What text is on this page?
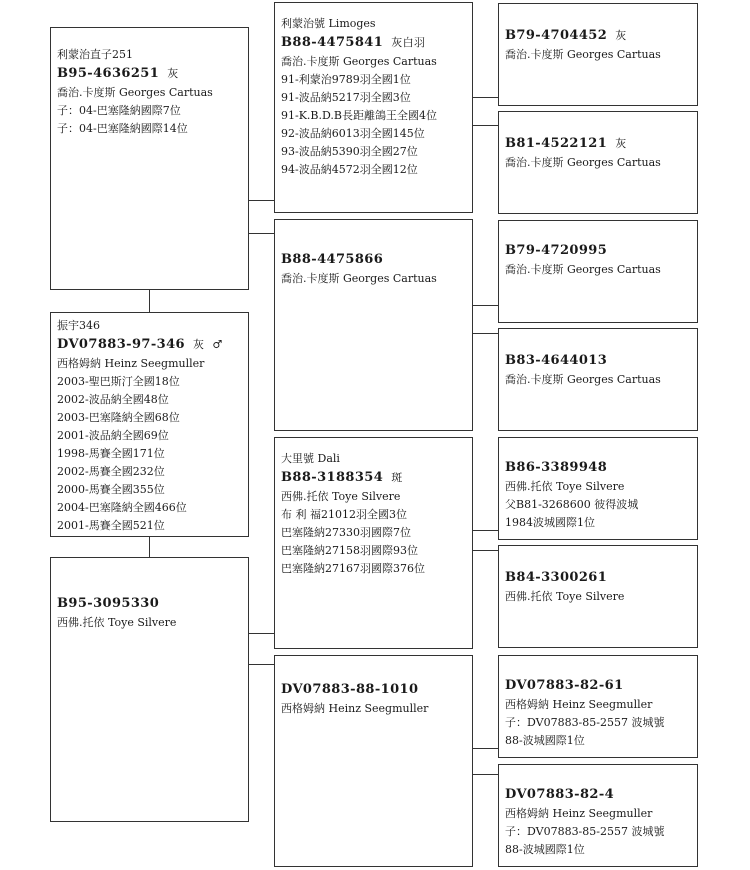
利蒙治直子251
B95-4636251 灰
喬治.卡度斯 Georges Cartuas
子：04-巴塞隆納國際7位
子：04-巴塞隆納國際14位
振宇346
DV07883-97-346 灰 ♂
西格姆納 Heinz Seegmuller
2003-聖巴斯汀全國18位
2002-波品納全國48位
2003-巴塞隆納全國68位
2001-波品納全國69位
1998-馬賽全國171位
2002-馬賽全國232位
2000-馬賽全國355位
2004-巴塞隆納全國466位
2001-馬賽全國521位
B95-3095330
西佛.托依 Toye Silvere
利蒙治號 Limoges
B88-4475841 灰白羽
喬治.卡度斯 Georges Cartuas
91-利蒙治9789羽全國1位
91-波品納5217羽全國3位
91-K.B.D.B長距離鴿王全國4位
92-波品納6013羽全國145位
93-波品納5390羽全國27位
94-波品納4572羽全國12位
B88-4475866
喬治.卡度斯 Georges Cartuas
大里號 Dali
B88-3188354 斑
西佛.托依 Toye Silvere
布 利 福21012羽全國3位
巴塞隆納27330羽國際7位
巴塞隆納27158羽國際93位
巴塞隆納27167羽國際376位
DV07883-88-1010
西格姆納 Heinz Seegmuller
B79-4704452 灰
喬治.卡度斯 Georges Cartuas
B81-4522121 灰
喬治.卡度斯 Georges Cartuas
B79-4720995
喬治.卡度斯 Georges Cartuas
B83-4644013
喬治.卡度斯 Georges Cartuas
B86-3389948
西佛.托依 Toye Silvere
父B81-3268600 彼得波城
1984波城國際1位
B84-3300261
西佛.托依 Toye Silvere
DV07883-82-61
西格姆納 Heinz Seegmuller
子：DV07883-85-2557 波城號
88-波城國際1位
DV07883-82-4
西格姆納 Heinz Seegmuller
子：DV07883-85-2557 波城號
88-波城國際1位
